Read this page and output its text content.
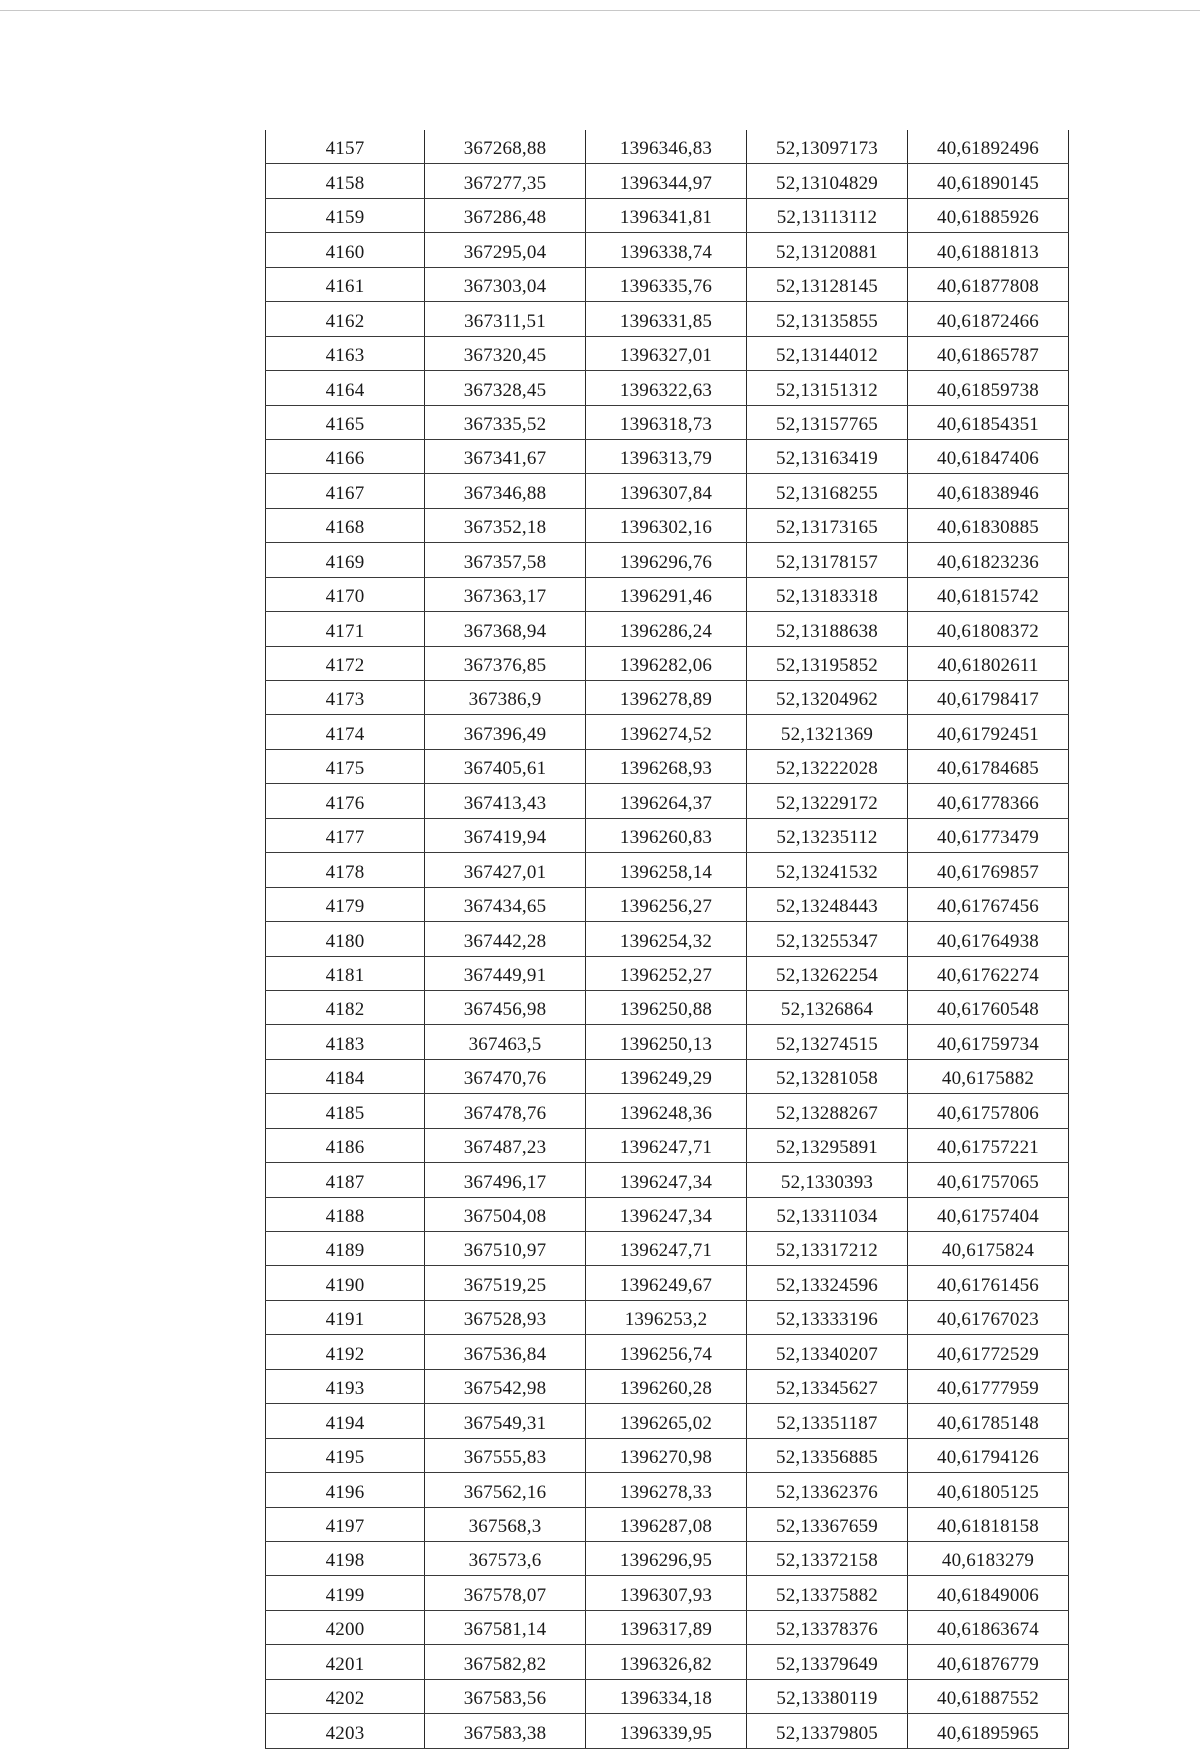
4157	367268,88	1396346,83	52,13097173	40,61892496
4158	367277,35	1396344,97	52,13104829	40,61890145
4159	367286,48	1396341,81	52,13113112	40,61885926
4160	367295,04	1396338,74	52,13120881	40,61881813
4161	367303,04	1396335,76	52,13128145	40,61877808
4162	367311,51	1396331,85	52,13135855	40,61872466
4163	367320,45	1396327,01	52,13144012	40,61865787
4164	367328,45	1396322,63	52,13151312	40,61859738
4165	367335,52	1396318,73	52,13157765	40,61854351
4166	367341,67	1396313,79	52,13163419	40,61847406
4167	367346,88	1396307,84	52,13168255	40,61838946
4168	367352,18	1396302,16	52,13173165	40,61830885
4169	367357,58	1396296,76	52,13178157	40,61823236
4170	367363,17	1396291,46	52,13183318	40,61815742
4171	367368,94	1396286,24	52,13188638	40,61808372
4172	367376,85	1396282,06	52,13195852	40,61802611
4173	367386,9	1396278,89	52,13204962	40,61798417
4174	367396,49	1396274,52	52,1321369	40,61792451
4175	367405,61	1396268,93	52,13222028	40,61784685
4176	367413,43	1396264,37	52,13229172	40,61778366
4177	367419,94	1396260,83	52,13235112	40,61773479
4178	367427,01	1396258,14	52,13241532	40,61769857
4179	367434,65	1396256,27	52,13248443	40,61767456
4180	367442,28	1396254,32	52,13255347	40,61764938
4181	367449,91	1396252,27	52,13262254	40,61762274
4182	367456,98	1396250,88	52,1326864	40,61760548
4183	367463,5	1396250,13	52,13274515	40,61759734
4184	367470,76	1396249,29	52,13281058	40,6175882
4185	367478,76	1396248,36	52,13288267	40,61757806
4186	367487,23	1396247,71	52,13295891	40,61757221
4187	367496,17	1396247,34	52,1330393	40,61757065
4188	367504,08	1396247,34	52,13311034	40,61757404
4189	367510,97	1396247,71	52,13317212	40,6175824
4190	367519,25	1396249,67	52,13324596	40,61761456
4191	367528,93	1396253,2	52,13333196	40,61767023
4192	367536,84	1396256,74	52,13340207	40,61772529
4193	367542,98	1396260,28	52,13345627	40,61777959
4194	367549,31	1396265,02	52,13351187	40,61785148
4195	367555,83	1396270,98	52,13356885	40,61794126
4196	367562,16	1396278,33	52,13362376	40,61805125
4197	367568,3	1396287,08	52,13367659	40,61818158
4198	367573,6	1396296,95	52,13372158	40,6183279
4199	367578,07	1396307,93	52,13375882	40,61849006
4200	367581,14	1396317,89	52,13378376	40,61863674
4201	367582,82	1396326,82	52,13379649	40,61876779
4202	367583,56	1396334,18	52,13380119	40,61887552
4203	367583,38	1396339,95	52,13379805	40,61895965
